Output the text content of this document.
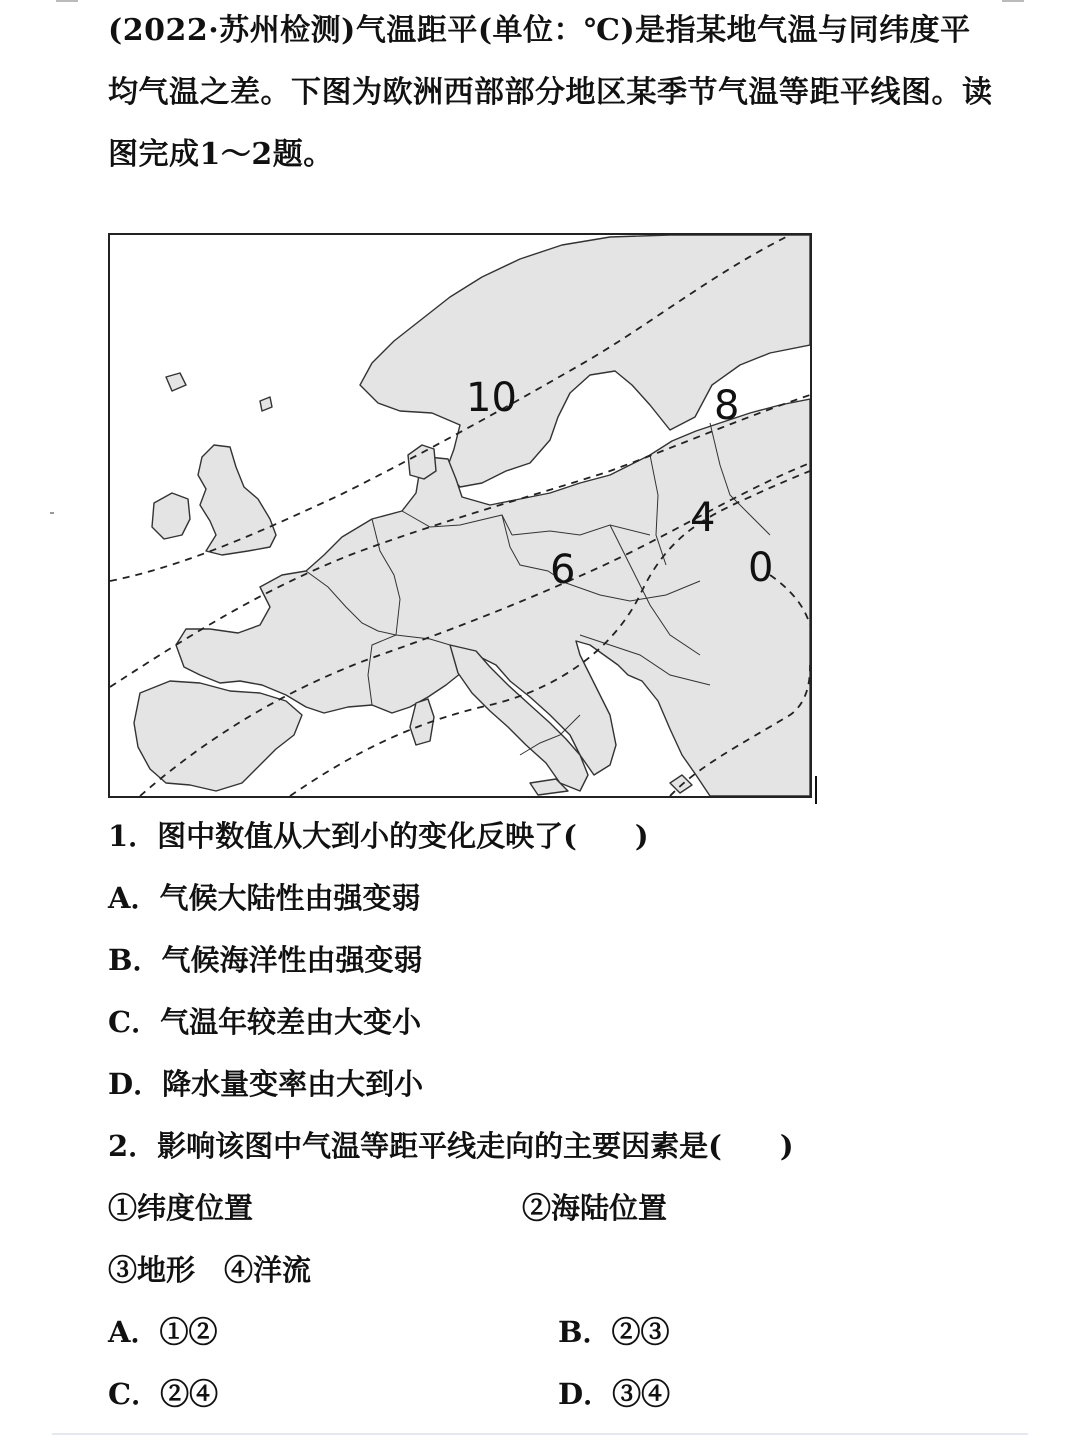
(2022·苏州检测)气温距平(单位：℃)是指某地气温与同纬度平均气温之差。下图为欧洲西部部分地区某季节气温等距平线图。读图完成1～2题。

10	8
6
4
0
1．图中数值从大到小的变化反映了(　　)
A．气候大陆性由强变弱
B．气候海洋性由强变弱
C．气温年较差由大变小
D．降水量变率由大到小
2．影响该图中气温等距平线走向的主要因素是(　　)
①纬度位置	②海陆位置
③地形　④洋流
A．①②	B．②③
C．②④	D．③④
